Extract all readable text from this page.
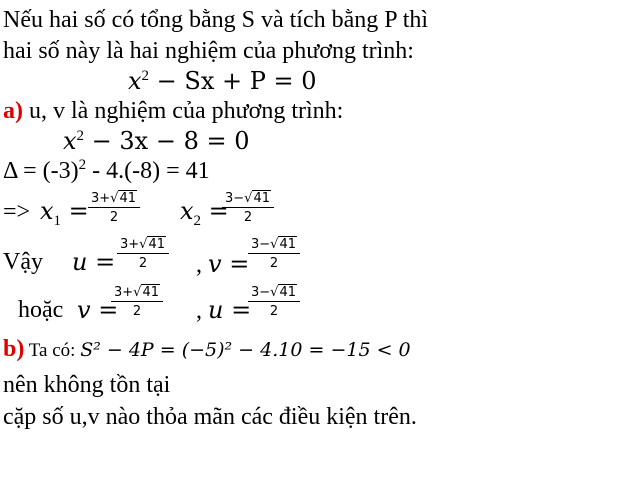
Nếu hai số có tổng bằng S và tích bằng P thì
hai số này là hai nghiệm của phương trình:
$x^2 - Sx + P = 0$
a) u, v là nghiệm của phương trình:
$x^2 - 3x - 8 = 0$
$\Delta = (-3)^2 - 4.(-8) = 41$
=> $x_1 = 3+√41$
2	$x_2$ =
3−√41
2
Vậy u =
3+√41
2	, v =
3−√41
2
hoặc v =
3+√41
2	, u =
3−√41
2
b) Ta có: S² − 4P = (−5)² − 4.10 = −15 < 0
nên không tồn tại
cặp số u,v nào thỏa mãn các điều kiện trên.
